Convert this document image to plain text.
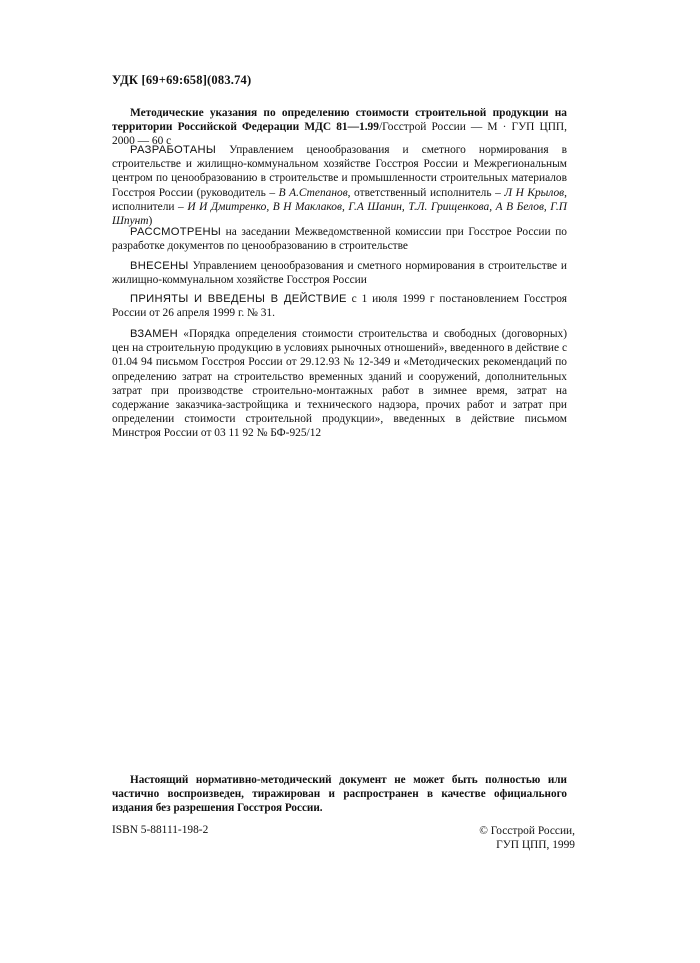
УДК [69+69:658](083.74)

Методические указания по определению стоимости строительной продукции на территории Российской Федерации МДС 81—1.99/Госстрой России — М · ГУП ЦПП, 2000 — 60 с

РАЗРАБОТАНЫ Управлением ценообразования и сметного нормирования в строительстве и жилищно-коммунальном хозяйстве Госстроя России и Межрегиональным центром по ценообразованию в строительстве и промышленности строительных материалов Госстроя России (руководитель – В А.Степанов, ответственный исполнитель – Л Н Крылов, исполнители – И И Дмитренко, В Н Маклаков, Г.А Шанин, Т.Л. Грищенкова, А В Белов, Г.П Шпунт)

РАССМОТРЕНЫ на заседании Межведомственной комиссии при Госстрое России по разработке документов по ценообразованию в строительстве

ВНЕСЕНЫ Управлением ценообразования и сметного нормирования в строительстве и жилищно-коммунальном хозяйстве Госстроя России

ПРИНЯТЫ И ВВЕДЕНЫ В ДЕЙСТВИЕ с 1 июля 1999 г постановлением Госстроя России от 26 апреля 1999 г. № 31.

ВЗАМЕН «Порядка определения стоимости строительства и свободных (договорных) цен на строительную продукцию в условиях рыночных отношений», введенного в действие с 01.04 94 письмом Госстроя России от 29.12.93 № 12-349 и «Методических рекомендаций по определению затрат на строительство временных зданий и сооружений, дополнительных затрат при производстве строительно-монтажных работ в зимнее время, затрат на содержание заказчика-застройщика и технического надзора, прочих работ и затрат при определении стоимости строительной продукции», введенных в действие письмом Минстроя России от 03 11 92 № БФ-925/12

Настоящий нормативно-методический документ не может быть полностью или частично воспроизведен, тиражирован и распространен в качестве официального издания без разрешения Госстроя России.

ISBN 5-88111-198-2	© Госстрой России,
ГУП ЦПП, 1999
